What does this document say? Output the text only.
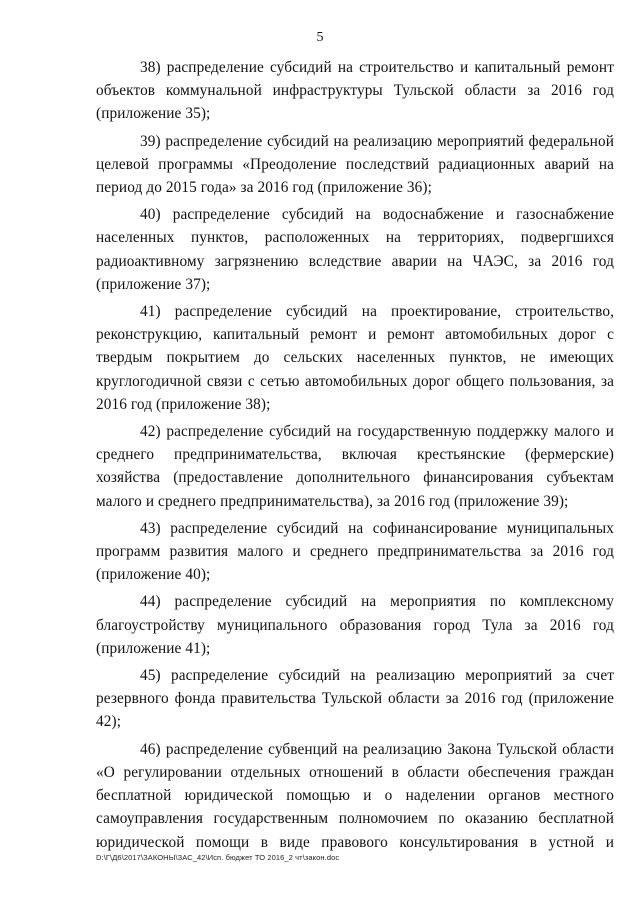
5

38) распределение субсидий на строительство и капитальный ремонт объектов коммунальной инфраструктуры Тульской области за 2016 год (приложение 35);

39) распределение субсидий на реализацию мероприятий федеральной целевой программы «Преодоление последствий радиационных аварий на период до 2015 года» за 2016 год (приложение 36);

40) распределение субсидий на водоснабжение и газоснабжение населенных пунктов, расположенных на территориях, подвергшихся радиоактивному загрязнению вследствие аварии на ЧАЭС, за 2016 год (приложение 37);

41) распределение субсидий на проектирование, строительство, реконструкцию, капитальный ремонт и ремонт автомобильных дорог с твердым покрытием до сельских населенных пунктов, не имеющих круглогодичной связи с сетью автомобильных дорог общего пользования, за 2016 год (приложение 38);

42) распределение субсидий на государственную поддержку малого и среднего предпринимательства, включая крестьянские (фермерские) хозяйства (предоставление дополнительного финансирования субъектам малого и среднего предпринимательства), за 2016 год (приложение 39);

43) распределение субсидий на софинансирование муниципальных программ развития малого и среднего предпринимательства за 2016 год (приложение 40);

44) распределение субсидий на мероприятия по комплексному благоустройству муниципального образования город Тула за 2016 год (приложение 41);

45) распределение субсидий на реализацию мероприятий за счет резервного фонда правительства Тульской области за 2016 год (приложение 42);

46) распределение субвенций на реализацию Закона Тульской области «О регулировании отдельных отношений в области обеспечения граждан бесплатной юридической помощью и о наделении органов местного самоуправления государственным полномочием по оказанию бесплатной юридической помощи в виде правового консультирования в устной и

D:\Г\Д6\2017\ЗАКОНЫ\ЗАС_42\Исп. бюджет ТО 2016_2 чт\закон.doc
